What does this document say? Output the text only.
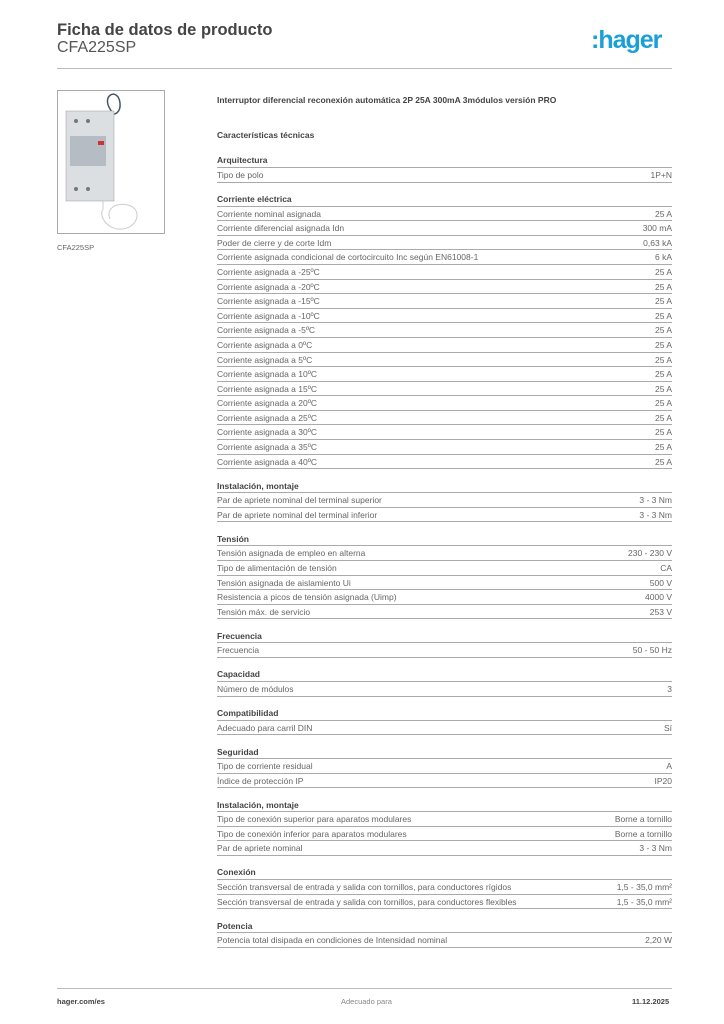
Ficha de datos de producto
CFA225SP	:hager
CFA225SP
Interruptor diferencial reconexión automática 2P 25A 300mA 3módulos versión PRO
Características técnicas
Arquitectura
Tipo de polo	1P+N
Corriente eléctrica
Corriente nominal asignada	25 A
Corriente diferencial asignada Idn	300 mA
Poder de cierre y de corte Idm	0,63 kA
Corriente asignada condicional de cortocircuito Inc según EN61008-1	6 kA
Corriente asignada a -25ºC	25 A
Corriente asignada a -20ºC	25 A
Corriente asignada a -15ºC	25 A
Corriente asignada a -10ºC	25 A
Corriente asignada a -5ºC	25 A
Corriente asignada a 0ºC	25 A
Corriente asignada a 5ºC	25 A
Corriente asignada a 10ºC	25 A
Corriente asignada a 15ºC	25 A
Corriente asignada a 20ºC	25 A
Corriente asignada a 25ºC	25 A
Corriente asignada a 30ºC	25 A
Corriente asignada a 35ºC	25 A
Corriente asignada a 40ºC	25 A
Instalación, montaje
Par de apriete nominal del terminal superior	3 - 3 Nm
Par de apriete nominal del terminal inferior	3 - 3 Nm
Tensión
Tensión asignada de empleo en alterna	230 - 230 V
Tipo de alimentación de tensión	CA
Tensión asignada de aislamiento Ui	500 V
Resistencia a picos de tensión asignada (Uimp)	4000 V
Tensión máx. de servicio	253 V
Frecuencia
Frecuencia	50 - 50 Hz
Capacidad
Número de módulos	3
Compatibilidad
Adecuado para carril DIN	Sí
Seguridad
Tipo de corriente residual	A
Índice de protección IP	IP20
Instalación, montaje
Tipo de conexión superior para aparatos modulares	Borne a tornillo
Tipo de conexión inferior para aparatos modulares	Borne a tornillo
Par de apriete nominal	3 - 3 Nm
Conexión
Sección transversal de entrada y salida con tornillos, para conductores rígidos	1,5 - 35,0 mm²
Sección transversal de entrada y salida con tornillos, para conductores flexibles	1,5 - 35,0 mm²
Potencia
Potencia total disipada en condiciones de Intensidad nominal	2,20 W
hager.com/es	Adecuado para	11.12.2025
